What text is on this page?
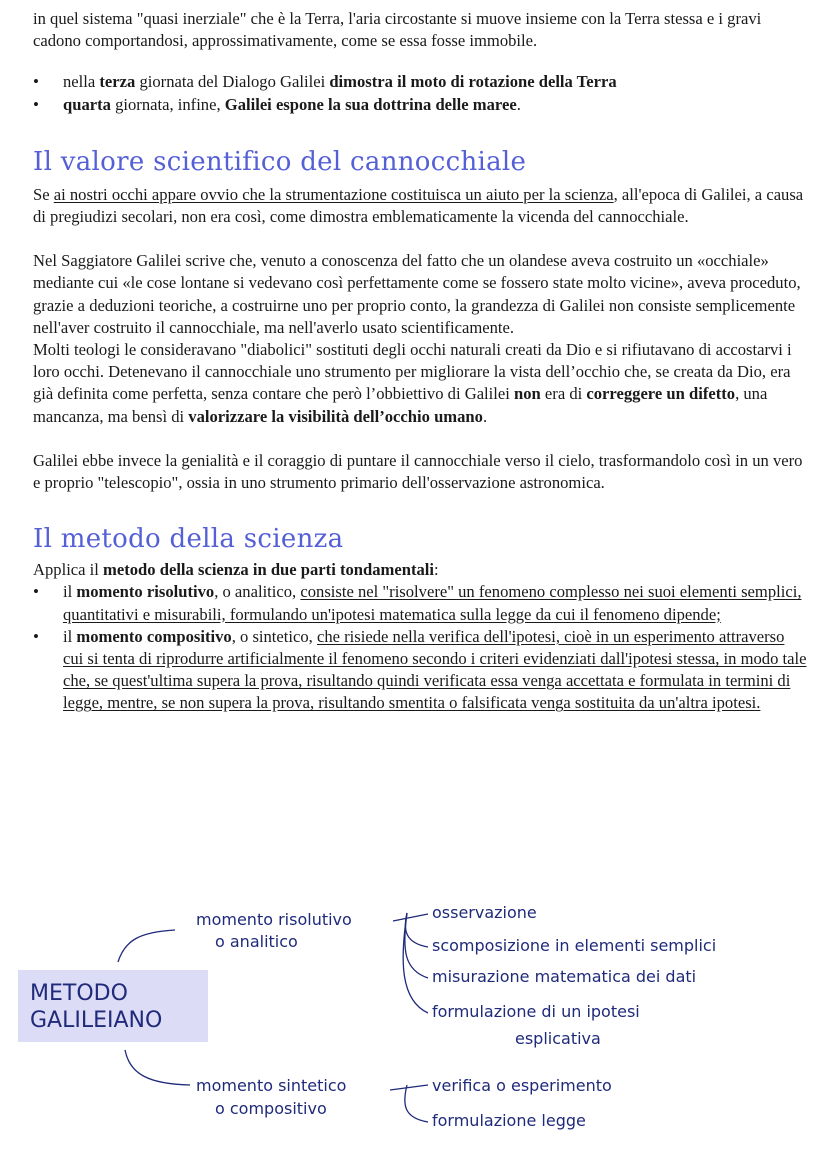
in quel sistema "quasi inerziale" che è la Terra, l'aria circostante si muove insieme con la Terra stessa e i gravi cadono comportandosi, approssimativamente, come se essa fosse immobile.

• nella terza giornata del Dialogo Galilei dimostra il moto di rotazione della Terra
• quarta giornata, infine, Galilei espone la sua dottrina delle maree.
Il valore scientifico del cannocchiale

Se ai nostri occhi appare ovvio che la strumentazione costituisca un aiuto per la scienza, all'epoca di Galilei, a causa di pregiudizi secolari, non era così, come dimostra emblematicamente la vicenda del cannocchiale.

Nel Saggiatore Galilei scrive che, venuto a conoscenza del fatto che un olandese aveva costruito un «occhiale» mediante cui «le cose lontane si vedevano così perfettamente come se fossero state molto vicine», aveva proceduto, grazie a deduzioni teoriche, a costruirne uno per proprio conto, la grandezza di Galilei non consiste semplicemente nell'aver costruito il cannocchiale, ma nell'averlo usato scientificamente.

Molti teologi le consideravano "diabolici" sostituti degli occhi naturali creati da Dio e si rifiutavano di accostarvi i loro occhi. Detenevano il cannocchiale uno strumento per migliorare la vista dell’occhio che, se creata da Dio, era già definita come perfetta, senza contare che però l’obbiettivo di Galilei non era di correggere un difetto, una mancanza, ma bensì di valorizzare la visibilità dell’occhio umano.

Galilei ebbe invece la genialità e il coraggio di puntare il cannocchiale verso il cielo, trasformandolo così in un vero e proprio "telescopio", ossia in uno strumento primario dell'osservazione astronomica.

Il metodo della scienza

Applica il metodo della scienza in due parti tondamentali:

• il momento risolutivo, o analitico, consiste nel "risolvere" un fenomeno complesso nei suoi elementi semplici, quantitativi e misurabili, formulando un'ipotesi matematica sulla legge da cui il fenomeno dipende;
• il momento compositivo, o sintetico, che risiede nella verifica dell'ipotesi, cioè in un esperimento attraverso cui si tenta di riprodurre artificialmente il fenomeno secondo i criteri evidenziati dall'ipotesi stessa, in modo tale che, se quest'ultima supera la prova, risultando quindi verificata essa venga accettata e formulata in termini di legge, mentre, se non supera la prova, risultando smentita o falsificata venga sostituita da un'altra ipotesi.
METODO
GALILEIANO
momento risolutivo
o analitico
momento sintetico
o compositivo
osservazione
scomposizione in elementi semplici
misurazione matematica dei dati
formulazione di un ipotesi
esplicativa
verifica o esperimento
formulazione legge
